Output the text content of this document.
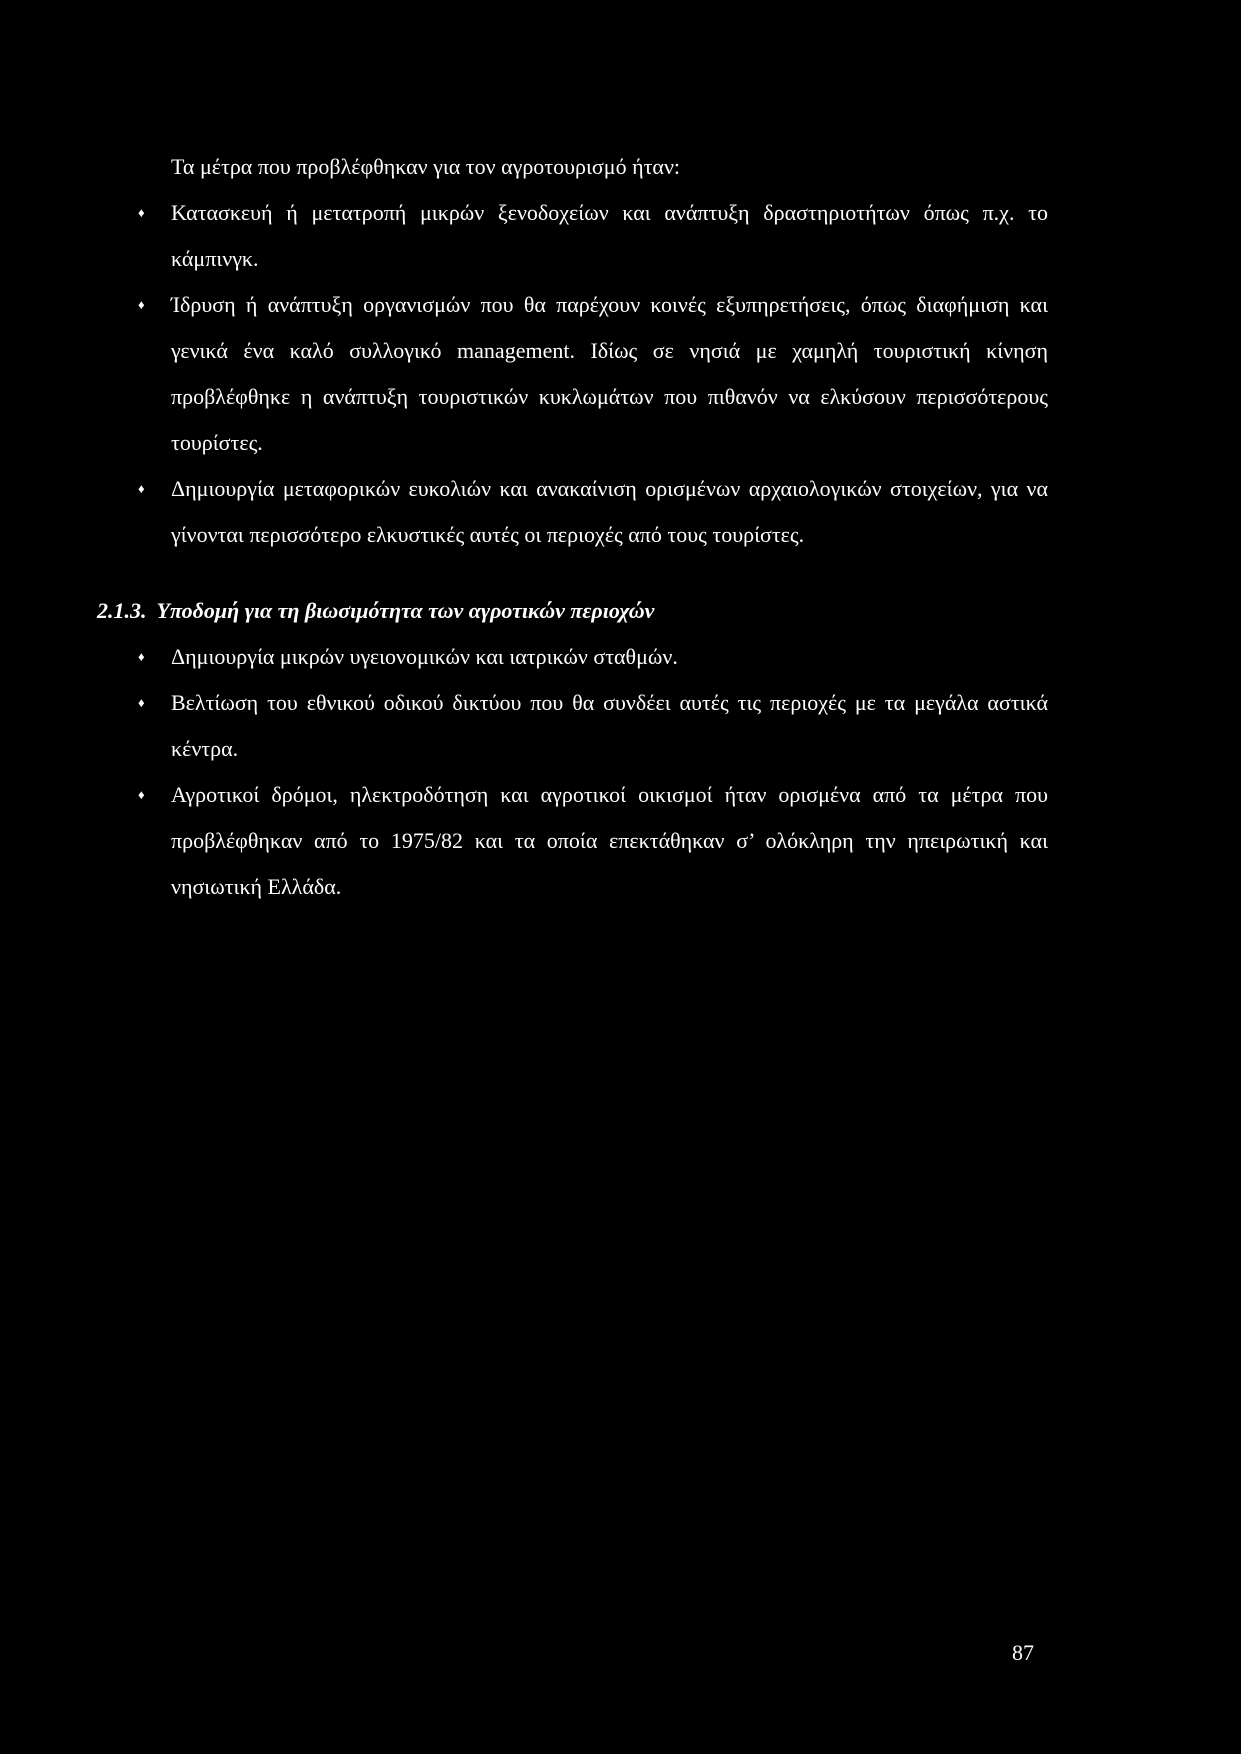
Τα μέτρα που προβλέφθηκαν για τον αγροτουρισμό ήταν:

♦ Κατασκευή ή μετατροπή μικρών ξενοδοχείων και ανάπτυξη δραστηριοτήτων όπως π.χ. το κάμπινγκ.
♦ Ίδρυση ή ανάπτυξη οργανισμών που θα παρέχουν κοινές εξυπηρετήσεις, όπως διαφήμιση και γενικά ένα καλό συλλογικό management. Ιδίως σε νησιά με χαμηλή τουριστική κίνηση προβλέφθηκε η ανάπτυξη τουριστικών κυκλωμάτων που πιθανόν να ελκύσουν περισσότερους τουρίστες.
♦ Δημιουργία μεταφορικών ευκολιών και ανακαίνιση ορισμένων αρχαιολογικών στοιχείων, για να γίνονται περισσότερο ελκυστικές αυτές οι περιοχές από τους τουρίστες.
2.1.3. Υποδομή για τη βιωσιμότητα των αγροτικών περιοχών
♦ Δημιουργία μικρών υγειονομικών και ιατρικών σταθμών.
♦ Βελτίωση του εθνικού οδικού δικτύου που θα συνδέει αυτές τις περιοχές με τα μεγάλα αστικά κέντρα.
♦ Αγροτικοί δρόμοι, ηλεκτροδότηση και αγροτικοί οικισμοί ήταν ορισμένα από τα μέτρα που προβλέφθηκαν από το 1975/82 και τα οποία επεκτάθηκαν σ’ ολόκληρη την ηπειρωτική και νησιωτική Ελλάδα.
87
